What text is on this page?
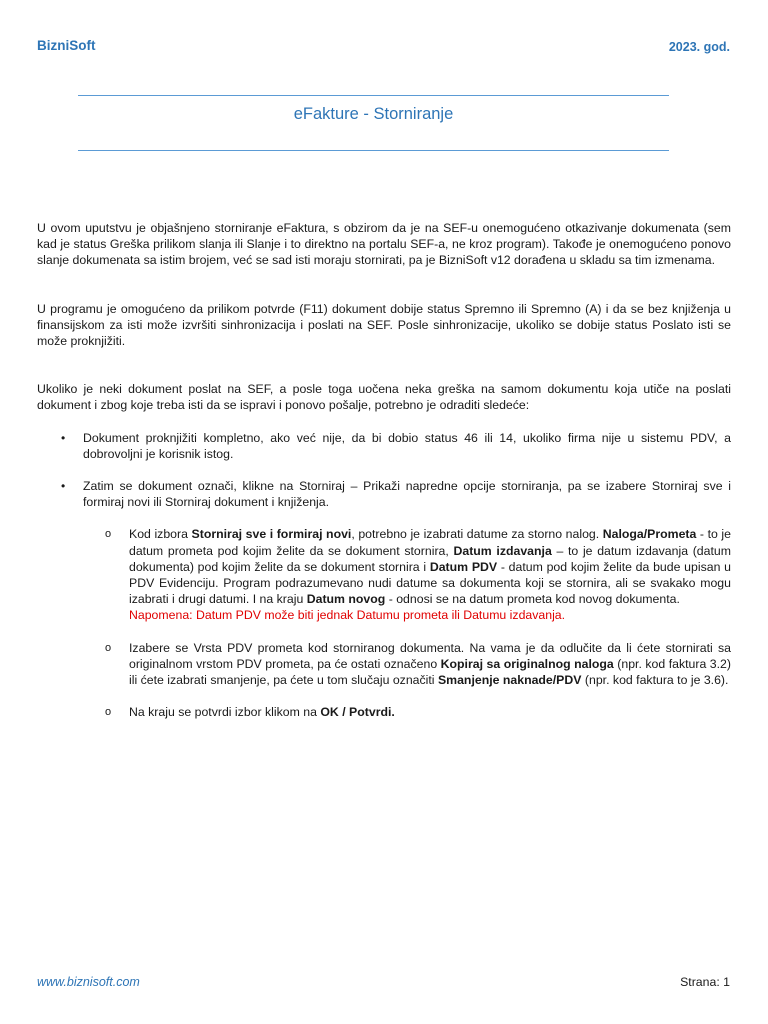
BizniSoft	2023. god.
eFakture - Storniranje

U ovom uputstvu je objašnjeno storniranje eFaktura, s obzirom da je na SEF-u onemogućeno otkazivanje dokumenata (sem kad je status Greška prilikom slanja ili Slanje i to direktno na portalu SEF-a, ne kroz program). Takođe je onemogućeno ponovo slanje dokumenata sa istim brojem, već se sad isti moraju stornirati, pa je BizniSoft v12 dorađena u skladu sa tim izmenama.

U programu je omogućeno da prilikom potvrde (F11) dokument dobije status Spremno ili Spremno (A) i da se bez knjiženja u finansijskom za isti može izvršiti sinhronizacija i poslati na SEF. Posle sinhronizacije, ukoliko se dobije status Poslato isti se može proknjižiti.

Ukoliko je neki dokument poslat na SEF, a posle toga uočena neka greška na samom dokumentu koja utiče na poslati dokument i zbog koje treba isti da se ispravi i ponovo pošalje, potrebno je odraditi sledeće:

• Dokument proknjižiti kompletno, ako već nije, da bi dobio status 46 ili 14, ukoliko firma nije u sistemu PDV, a dobrovoljni je korisnik istog.
• Zatim se dokument označi, klikne na Storniraj – Prikaži napredne opcije storniranja, pa se izabere Storniraj sve i formiraj novi ili Storniraj dokument i knjiženja.
o Kod izbora Storniraj sve i formiraj novi, potrebno je izabrati datume za storno nalog. Naloga/Prometa - to je datum prometa pod kojim želite da se dokument stornira, Datum izdavanja – to je datum izdavanja (datum dokumenta) pod kojim želite da se dokument stornira i Datum PDV - datum pod kojim želite da bude upisan u PDV Evidenciju. Program podrazumevano nudi datume sa dokumenta koji se stornira, ali se svakako mogu izabrati i drugi datumi. I na kraju Datum novog - odnosi se na datum prometa kod novog dokumenta.
Napomena: Datum PDV može biti jednak Datumu prometa ili Datumu izdavanja.
o Izabere se Vrsta PDV prometa kod storniranog dokumenta. Na vama je da odlučite da li ćete stornirati sa originalnom vrstom PDV prometa, pa će ostati označeno Kopiraj sa originalnog naloga (npr. kod faktura 3.2) ili ćete izabrati smanjenje, pa ćete u tom slučaju označiti Smanjenje naknade/PDV (npr. kod faktura to je 3.6).
o Na kraju se potvrdi izbor klikom na OK / Potvrdi.
www.biznisoft.com	Strana: 1
